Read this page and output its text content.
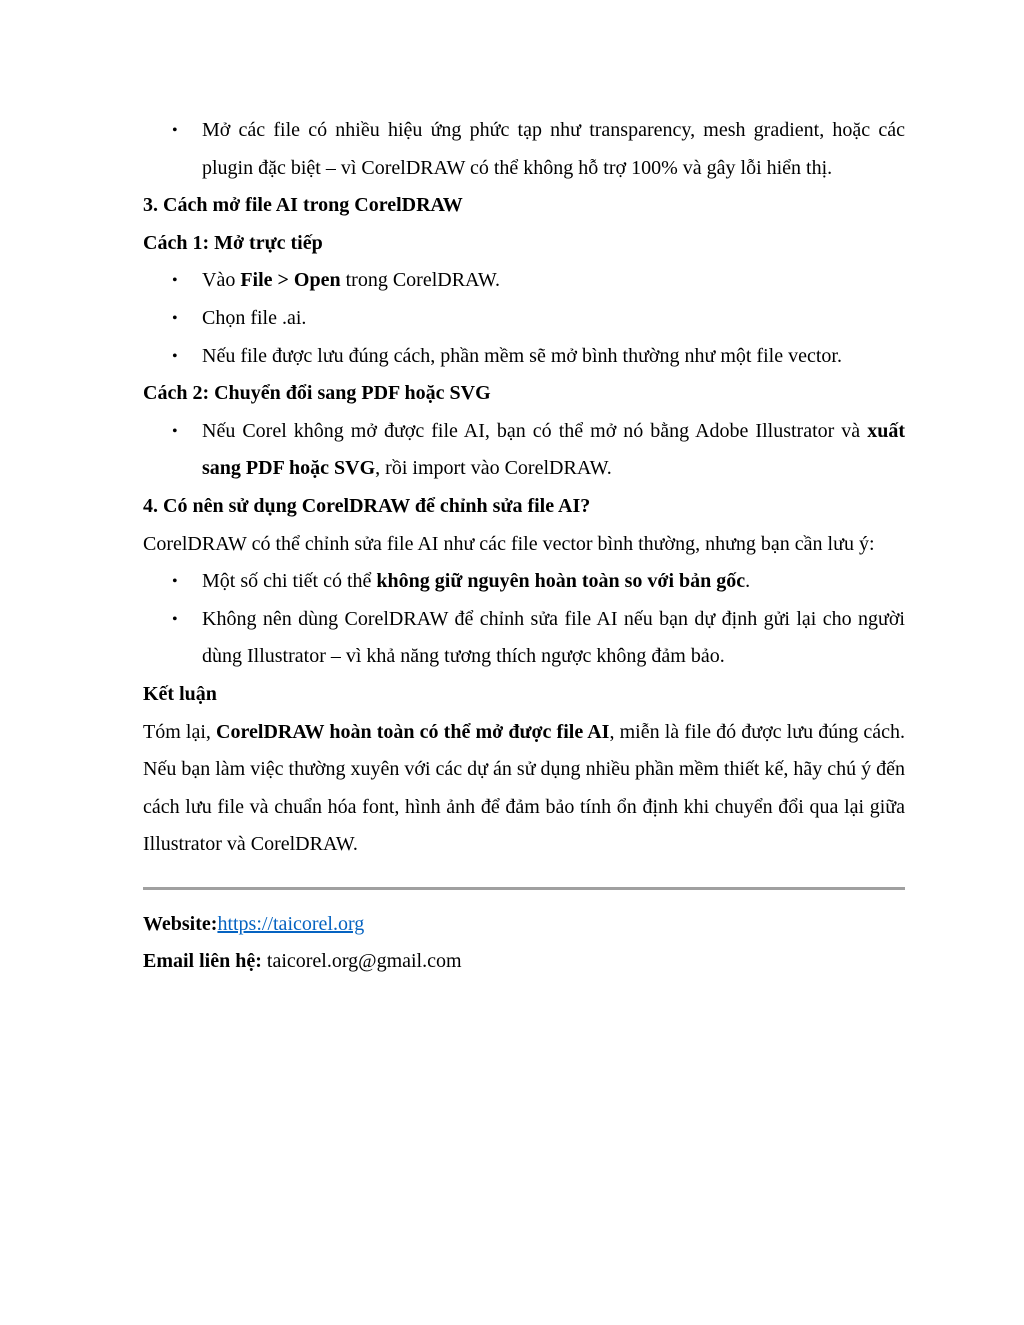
• Mở các file có nhiều hiệu ứng phức tạp như transparency, mesh gradient, hoặc các plugin đặc biệt – vì CorelDRAW có thể không hỗ trợ 100% và gây lỗi hiển thị.
3. Cách mở file AI trong CorelDRAW
Cách 1: Mở trực tiếp
• Vào File > Open trong CorelDRAW.
• Chọn file .ai.
• Nếu file được lưu đúng cách, phần mềm sẽ mở bình thường như một file vector.
Cách 2: Chuyển đổi sang PDF hoặc SVG
• Nếu Corel không mở được file AI, bạn có thể mở nó bằng Adobe Illustrator và xuất sang PDF hoặc SVG, rồi import vào CorelDRAW.
4. Có nên sử dụng CorelDRAW để chỉnh sửa file AI?

CorelDRAW có thể chỉnh sửa file AI như các file vector bình thường, nhưng bạn cần lưu ý:

• Một số chi tiết có thể không giữ nguyên hoàn toàn so với bản gốc.
• Không nên dùng CorelDRAW để chỉnh sửa file AI nếu bạn dự định gửi lại cho người dùng Illustrator – vì khả năng tương thích ngược không đảm bảo.
Kết luận

Tóm lại, CorelDRAW hoàn toàn có thể mở được file AI, miễn là file đó được lưu đúng cách. Nếu bạn làm việc thường xuyên với các dự án sử dụng nhiều phần mềm thiết kế, hãy chú ý đến cách lưu file và chuẩn hóa font, hình ảnh để đảm bảo tính ổn định khi chuyển đổi qua lại giữa Illustrator và CorelDRAW.

Website:https://taicorel.org

Email liên hệ: taicorel.org@gmail.com
